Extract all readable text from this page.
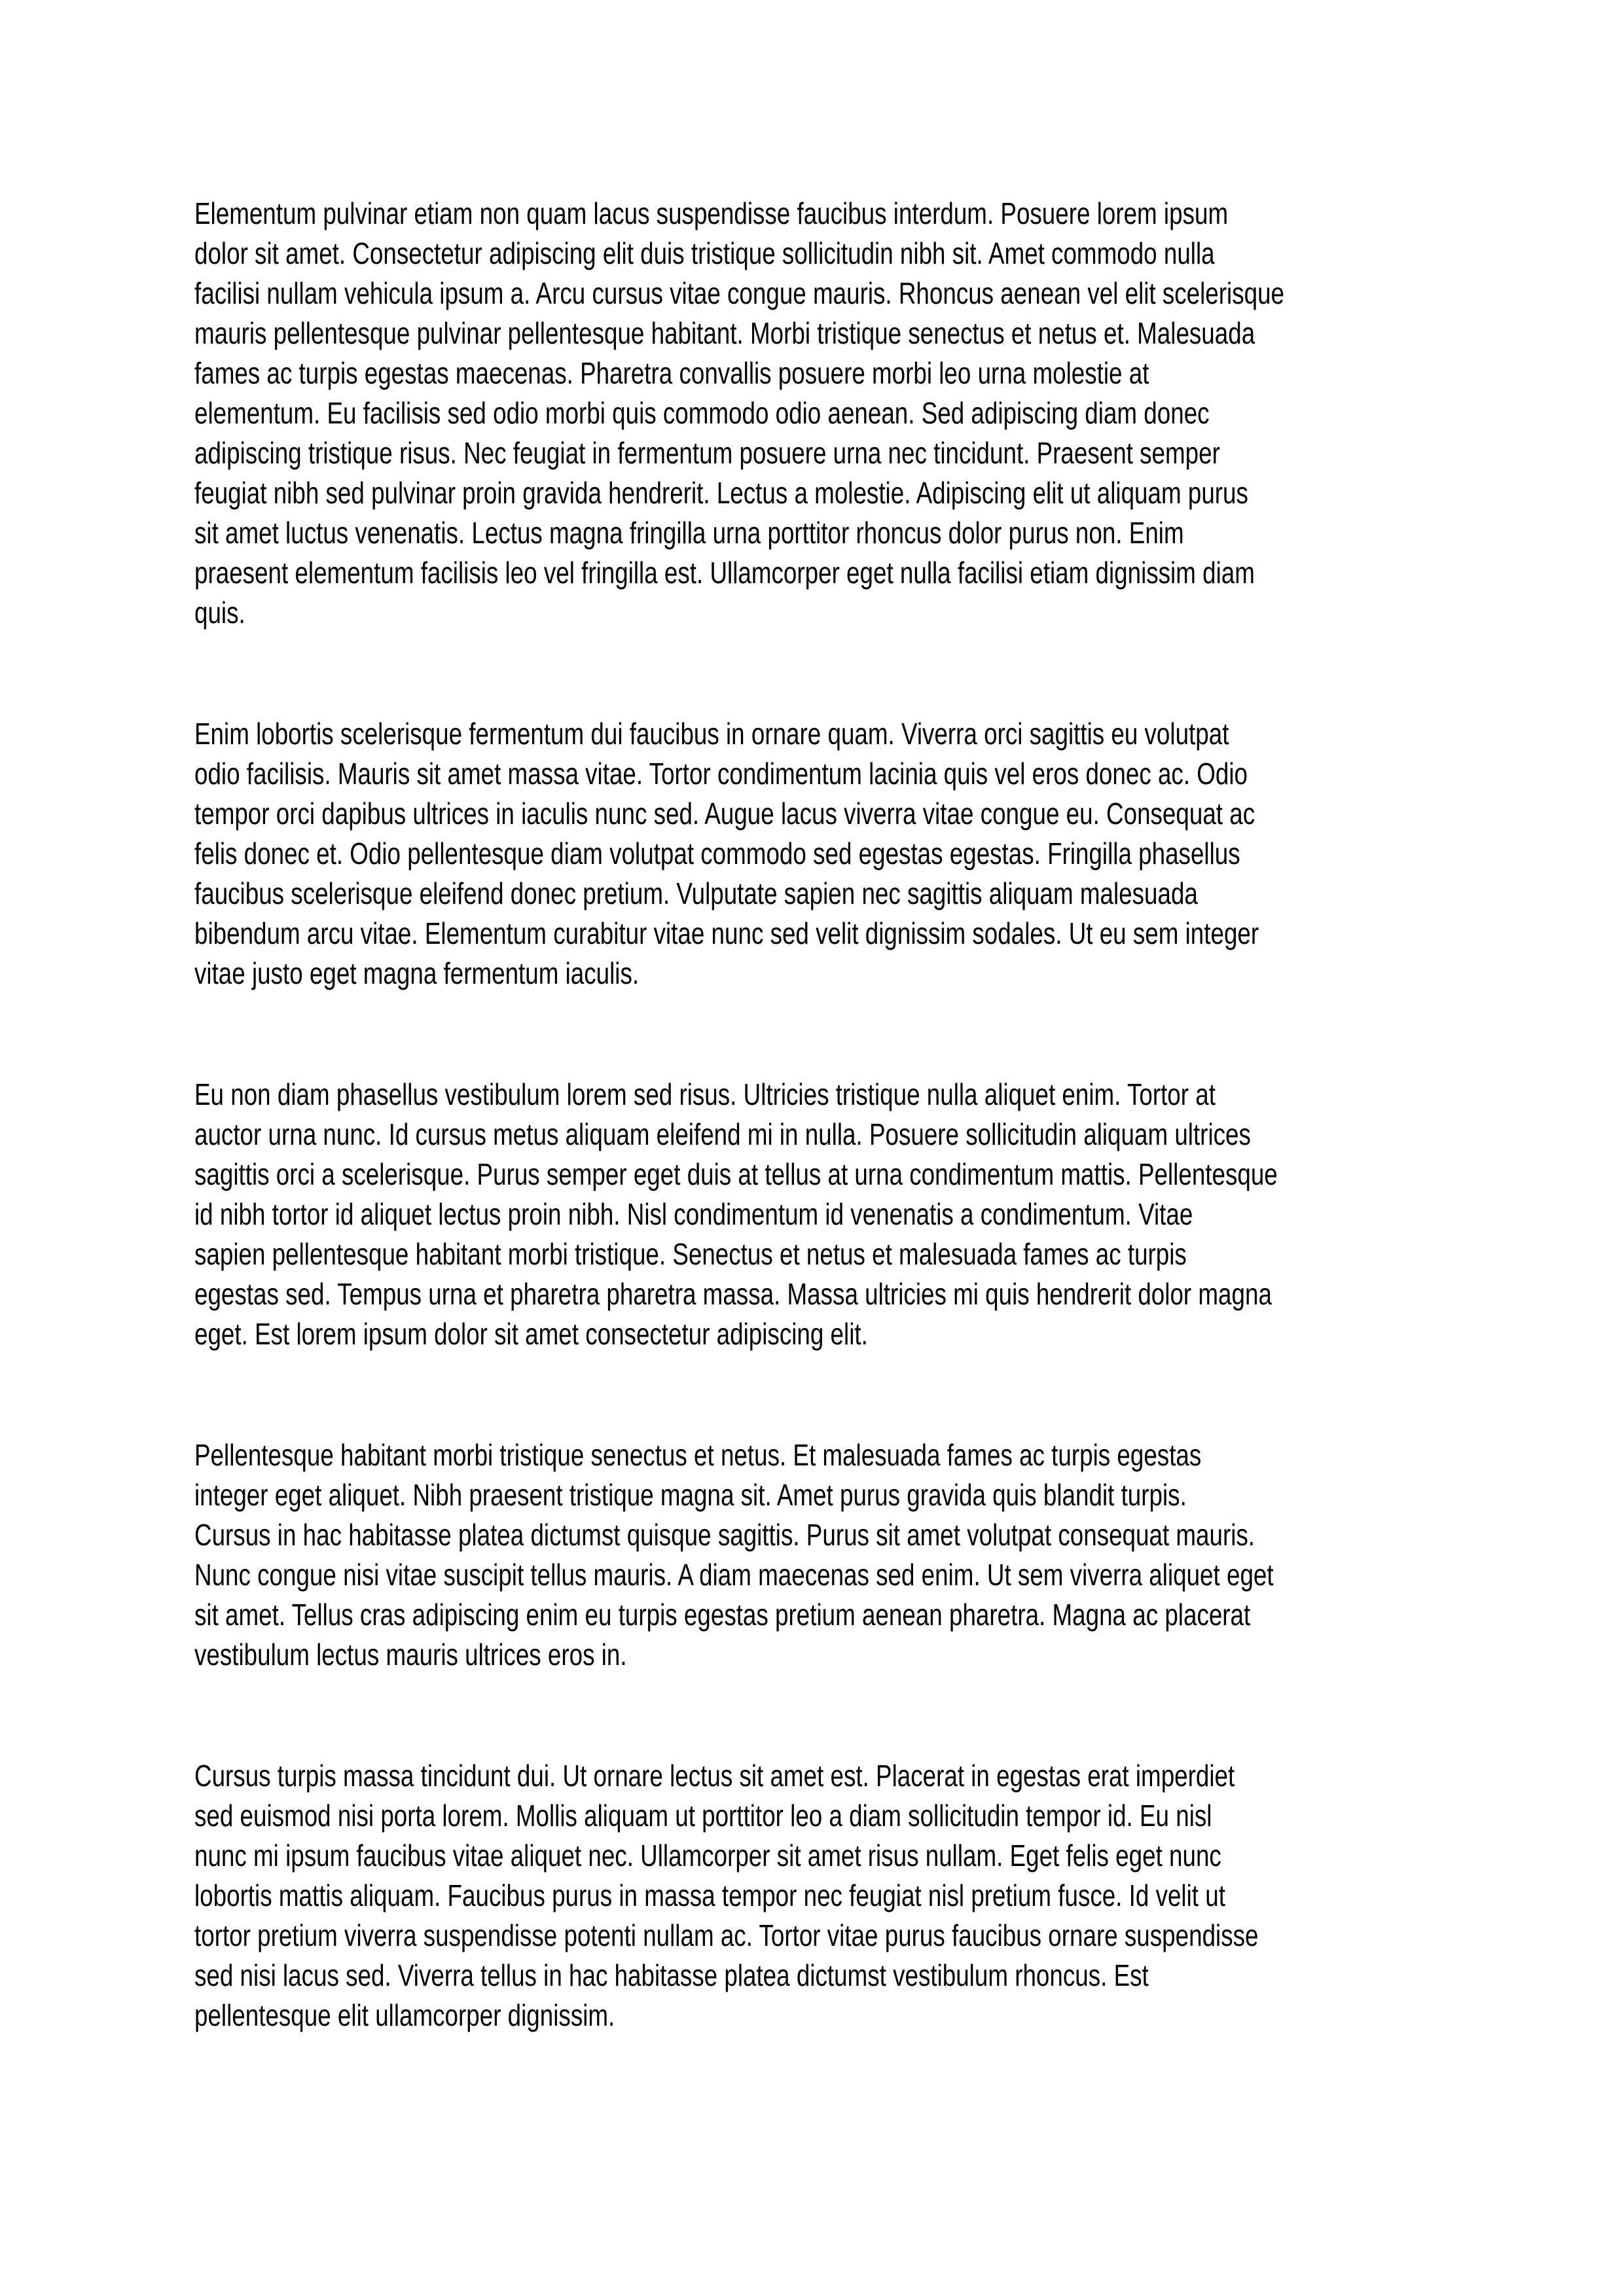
Elementum pulvinar etiam non quam lacus suspendisse faucibus interdum. Posuere lorem ipsum
dolor sit amet. Consectetur adipiscing elit duis tristique sollicitudin nibh sit. Amet commodo nulla
facilisi nullam vehicula ipsum a. Arcu cursus vitae congue mauris. Rhoncus aenean vel elit scelerisque
mauris pellentesque pulvinar pellentesque habitant. Morbi tristique senectus et netus et. Malesuada
fames ac turpis egestas maecenas. Pharetra convallis posuere morbi leo urna molestie at
elementum. Eu facilisis sed odio morbi quis commodo odio aenean. Sed adipiscing diam donec
adipiscing tristique risus. Nec feugiat in fermentum posuere urna nec tincidunt. Praesent semper
feugiat nibh sed pulvinar proin gravida hendrerit. Lectus a molestie. Adipiscing elit ut aliquam purus
sit amet luctus venenatis. Lectus magna fringilla urna porttitor rhoncus dolor purus non. Enim
praesent elementum facilisis leo vel fringilla est. Ullamcorper eget nulla facilisi etiam dignissim diam
quis.

Enim lobortis scelerisque fermentum dui faucibus in ornare quam. Viverra orci sagittis eu volutpat
odio facilisis. Mauris sit amet massa vitae. Tortor condimentum lacinia quis vel eros donec ac. Odio
tempor orci dapibus ultrices in iaculis nunc sed. Augue lacus viverra vitae congue eu. Consequat ac
felis donec et. Odio pellentesque diam volutpat commodo sed egestas egestas. Fringilla phasellus
faucibus scelerisque eleifend donec pretium. Vulputate sapien nec sagittis aliquam malesuada
bibendum arcu vitae. Elementum curabitur vitae nunc sed velit dignissim sodales. Ut eu sem integer
vitae justo eget magna fermentum iaculis.

Eu non diam phasellus vestibulum lorem sed risus. Ultricies tristique nulla aliquet enim. Tortor at
auctor urna nunc. Id cursus metus aliquam eleifend mi in nulla. Posuere sollicitudin aliquam ultrices
sagittis orci a scelerisque. Purus semper eget duis at tellus at urna condimentum mattis. Pellentesque
id nibh tortor id aliquet lectus proin nibh. Nisl condimentum id venenatis a condimentum. Vitae
sapien pellentesque habitant morbi tristique. Senectus et netus et malesuada fames ac turpis
egestas sed. Tempus urna et pharetra pharetra massa. Massa ultricies mi quis hendrerit dolor magna
eget. Est lorem ipsum dolor sit amet consectetur adipiscing elit.

Pellentesque habitant morbi tristique senectus et netus. Et malesuada fames ac turpis egestas
integer eget aliquet. Nibh praesent tristique magna sit. Amet purus gravida quis blandit turpis.
Cursus in hac habitasse platea dictumst quisque sagittis. Purus sit amet volutpat consequat mauris.
Nunc congue nisi vitae suscipit tellus mauris. A diam maecenas sed enim. Ut sem viverra aliquet eget
sit amet. Tellus cras adipiscing enim eu turpis egestas pretium aenean pharetra. Magna ac placerat
vestibulum lectus mauris ultrices eros in.

Cursus turpis massa tincidunt dui. Ut ornare lectus sit amet est. Placerat in egestas erat imperdiet
sed euismod nisi porta lorem. Mollis aliquam ut porttitor leo a diam sollicitudin tempor id. Eu nisl
nunc mi ipsum faucibus vitae aliquet nec. Ullamcorper sit amet risus nullam. Eget felis eget nunc
lobortis mattis aliquam. Faucibus purus in massa tempor nec feugiat nisl pretium fusce. Id velit ut
tortor pretium viverra suspendisse potenti nullam ac. Tortor vitae purus faucibus ornare suspendisse
sed nisi lacus sed. Viverra tellus in hac habitasse platea dictumst vestibulum rhoncus. Est
pellentesque elit ullamcorper dignissim.
